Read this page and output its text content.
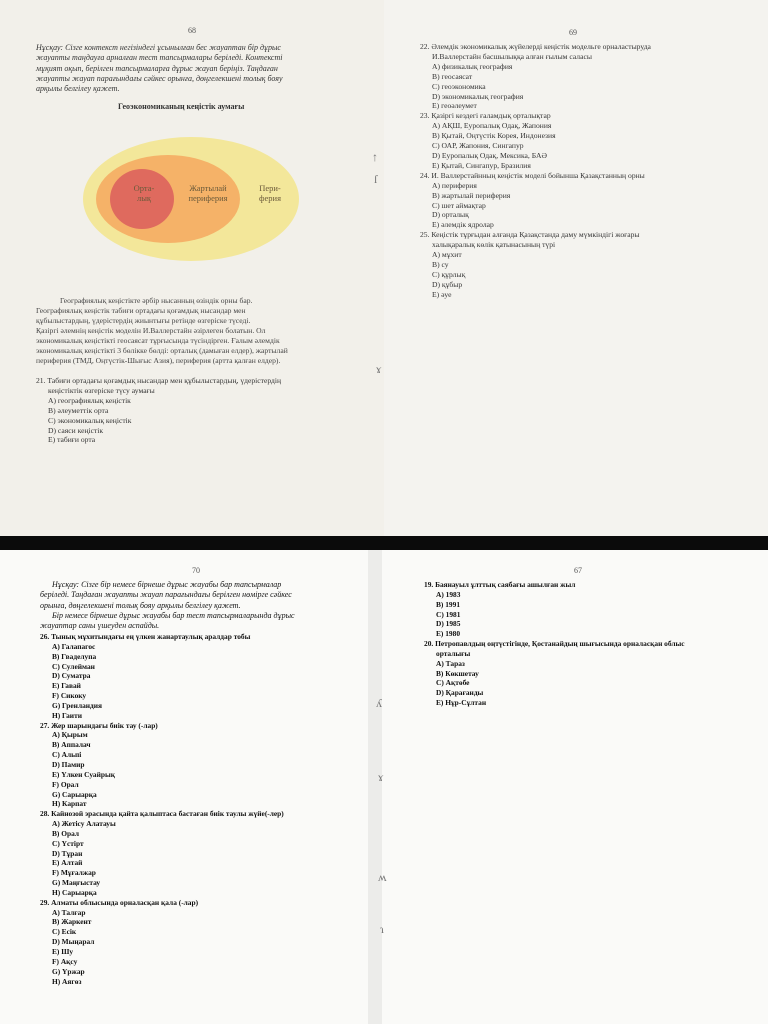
68
Нұсқау: Сізге контекст негізіндегі ұсынылған бес жауаптан бір дұрыс
жауапты таңдауға арналған тест тапсырмалары беріледі. Контексті
мұқият оқып, берілген тапсырмаларға дұрыс жауап беріңіз. Таңдаған
жауапты жауап парағындағы сәйкес орынға, дөңгелекшені толық бояу
арқылы белгілеу қажет.
Геоэкономиканың кеңістік аумағы
Орта-
лық
Жартылай
периферия
Пери-
ферия
Географиялық кеңістікте әрбір нысанның өзіндік орны бар.
Географиялық кеңістік табиғи ортадағы қоғамдық нысандар мен
құбылыстардың, үдерістердің жиынтығы ретінде өзгерiске түседі.
Қазіргі әлемнің кеңістік моделін И.Валлерстайн әзірлеген болатын. Ол
экономикалық кеңістікті геосаясат тұрғысында түсіндірген. Ғалым әлемдік
экономикалық кеңістікті 3 бөлікке бөлді: орталық (дамыған елдер), жартылай
периферия (ТМД, Оңтүстік-Шығыс Азия), периферия (артта қалған елдер).
21. Табиғи ортадағы қоғамдық нысандар мен құбылыстардың, үдерістердің
кеңістіктік өзгеріске түсу аумағы
A) географиялық кеңістік
B) әлеуметтік орта
C) экономикалық кеңістік
D) саяси кеңістік
E) табиғи орта
69
22. Әлемдік экономикалық жүйелерді кеңістік модельге орналастыруда
И.Валлерстайн басшылыққа алған ғылым саласы
A) физикалық география
B) геосаясат
C) геоэкономика
D) экономикалық география
E) геоәлеумет
23. Қазіргі кездегі ғаламдық орталықтар
A) АҚШ, Еуропалық Одақ, Жапония
B) Қытай, Оңтүстік Корея, Индонезия
C) ОАР, Жапония, Сингапур
D) Еуропалық Одақ, Мексика, БАӘ
E) Қытай, Сингапур, Бразилия
24. И. Валлерстайнның кеңістік моделі бойынша Қазақстанның орны
A) периферия
B) жартылай периферия
C) шет аймақтар
D) орталық
E) әлемдік ядролар
25. Кеңістік тұрғыдан алғанда Қазақстанда даму мүмкіндігі жоғары
халықаралық көлік қатынасының түрі
A) мұхит
B) су
C) құрлық
D) құбыр
E) әуе
↑
ſ
ɤ
70
Нұсқау: Сізге бір немесе бірнеше дұрыс жауабы бар тапсырмалар
беріледі. Таңдаған жауапты жауап парағындағы берілген нөмірге сәйкес
орынға, дөңгелекшені толық бояу арқылы белгілеу қажет.
Бір немесе бірнеше дұрыс жауабы бар тест тапсырмаларында дұрыс
жауаптар саны үшеуден аспайды.
26. Тынық мұхитындағы ең үлкен жанартаулық аралдар тобы
A) Галапагос
B) Гваделупа
C) Сулейман
D) Суматра
E) Гавай
F) Сикоку
G) Гренландия
H) Гаити
27. Жер шарындағы биік тау (-лар)
A) Қырым
B) Аппалач
C) Альпі
D) Памир
E) Үлкен Суайрық
F) Орал
G) Сарыарқа
H) Карпат
28. Кайнозой эрасында қайта қалыптаса бастаған биік таулы жүйе(-лер)
A) Жетісу Алатауы
B) Орал
C) Үстірт
D) Тұран
E) Алтай
F) Мұғалжар
G) Маңғыстау
H) Сарыарқа
29. Алматы облысында орналасқан қала (-лар)
A) Талғар
B) Жаркент
C) Есік
D) Мыңарал
E) Шу
F) Ақсу
G) Үржар
H) Аягөз
67
19. Баянауыл ұлттық саябағы ашылған жыл
A) 1983
B) 1991
C) 1981
D) 1985
E) 1980
20. Петропавлдың оңтүстігінде, Қостанайдың шығысында орналасқан облыс
орталығы
A) Тараз
B) Көкшетау
C) Ақтөбе
D) Қарағанды
E) Нұр-Сұлтан
ʎ
ɤ
ʍ
ɿ
